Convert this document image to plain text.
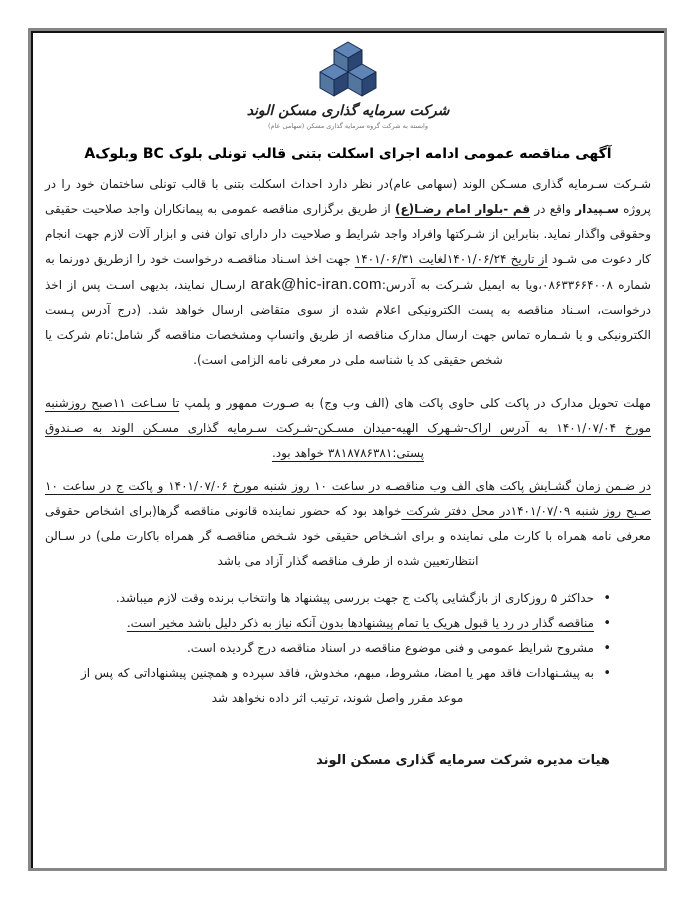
شرکت سرمایه گذاری مسکن الوند
وابسته به شرکت گروه سرمایه گذاری مسکن (سهامی عام)
آگهی مناقصه عمومی ادامه اجرای اسکلت بتنی قالب تونلی بلوک BC وبلوکA

شـرکت سـرمایه گذاری مسـکن الوند (سهامی عام)در نظر دارد احداث اسکلت بتنی با قالب تونلی ساختمان خود را در پروژه سـپیدار واقع در قم -بلوار امام رضـا(ع) از طریق برگزاری مناقصه عمومی به پیمانکاران واجد صلاحیت حقیقی وحقوقی واگذار نماید. بنابراین از شـرکتها وافراد واجد شرایط و صلاحیت دار دارای توان فنی و ابزار آلات لازم جهت انجام کار دعوت می شـود از تاریخ ۱۴۰۱/۰۶/۲۴لغایت ۱۴۰۱/۰۶/۳۱ جهت اخذ اسـناد مناقصـه درخواست خود را ازطریق دورنما به شماره ۰۸۶۳۳۶۶۴۰۰۸،ویا به ایمیل شـرکت به آدرس:arak@hic-iran.com ارسـال نمایند، بدیهی اسـت پس از اخذ درخواست، اسـناد مناقصه به پست الکترونیکی اعلام شده از سوی متقاضی ارسال خواهد شد. (درج آدرس پـست الکترونیکی و یا شـماره تماس جهت ارسال مدارک مناقصه از طریق واتساپ ومشخصات مناقصه گر شامل:نام شرکت یا شخص حقیقی کد یا شناسه ملی در معرفی نامه الزامی است).

مهلت تحویل مدارک در پاکت کلی حاوی پاکت های (الف وب وج) به صـورت ممهور و پلمپ تا سـاعت ۱۱صبح روزشنبه مورخ ۱۴۰۱/۰۷/۰۴ به آدرس اراک-شـهرک الهیه-میدان مسـکن-شـرکت سـرمایه گذاری مسـکن الوند به صـندوق پستی:۳۸۱۸۷۸۶۳۸۱ خواهد بود.

در ضـمن زمان گشـایش پاکت های الف وب مناقصـه در ساعت ۱۰ روز شنبه مورخ ۱۴۰۱/۰۷/۰۶ و پاکت ج در ساعت ۱۰ صـبح روز شنبه ۱۴۰۱/۰۷/۰۹در محل دفتر شرکت خواهد بود که حضور نماینده قانونی مناقصه گرها(برای اشخاص حقوقی معرفی نامه همراه با کارت ملی نماینده و برای اشـخاص حقیقی خود شـخص مناقصـه گر همراه باکارت ملی) در سـالن انتظارتعیین شده از طرف مناقصه گذار آزاد می باشد

•
حداکثر ۵ روزکاری از بازگشایی پاکت ج جهت بررسی پیشنهاد ها وانتخاب برنده وقت لازم میباشد.
•
مناقصه گذار در رد یا قبول هریک یا تمام پیشنهادها بدون آنکه نیاز به ذکر دلیل باشد مخیر است.
•
مشروح شرایط عمومی و فنی موضوع مناقصه در اسناد مناقصه درج گردیده است.
•
به پیشـنهادات فاقد مهر یا امضا، مشروط، مبهم، مخدوش، فاقد سپرده و همچنین پیشنهاداتی که پس از موعد مقرر واصل شوند، ترتیب اثر داده نخواهد شد
هیات مدیره شرکت سرمایه گذاری مسکن الوند
